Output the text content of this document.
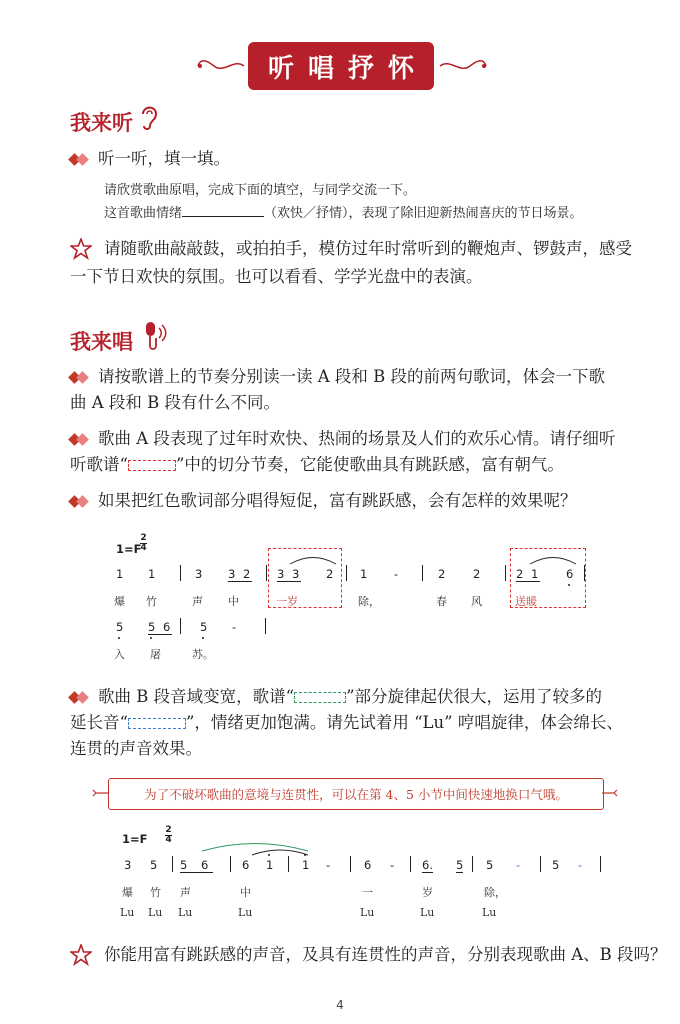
听唱抒怀
我来听
听一听，填一填。
请欣赏歌曲原唱，完成下面的填空，与同学交流一下。
这首歌曲情绪	（欢快／抒情），表现了除旧迎新热闹喜庆的节日场景。
请随歌曲敲敲鼓，或拍拍手，模仿过年时常听到的鞭炮声、锣鼓声，感受
一下节日欢快的氛围。也可以看看、学学光盘中的表演。
我来唱
请按歌谱上的节奏分别读一读 A 段和 B 段的前两句歌词，体会一下歌
曲 A 段和 B 段有什么不同。
歌曲 A 段表现了过年时欢快、热闹的场景及人们的欢乐心情。请仔细听
听歌谱“	”中的切分节奏，它能使歌曲具有跳跃感，富有朝气。
如果把红色歌词部分唱得短促，富有跳跃感，会有怎样的效果呢？
1=F
2
4
1 1	3 3 2 3 3 2 1 -	2 2	2 1 6
爆 竹	声 中	一岁	除，	春 风	送暖
5 5 6 5 -
入 屠	苏。
歌曲 B 段音域变宽，歌谱“	”部分旋律起伏很大，运用了较多的
延长音“	”，情绪更加饱满。请先试着用 “Lu” 哼唱旋律，体会绵长、
连贯的声音效果。
为了不破坏歌曲的意境与连贯性，可以在第 4、5 小节中间快速地换口气哦。
1=F
2
4
3 5 5 6 6 1 1 -	6 - 6. 5 5 -	5 -
爆 竹 声	中	一	岁	除，
Lu Lu Lu	Lu	Lu	Lu	Lu
你能用富有跳跃感的声音，及具有连贯性的声音，分别表现歌曲 A、B 段吗？
4
